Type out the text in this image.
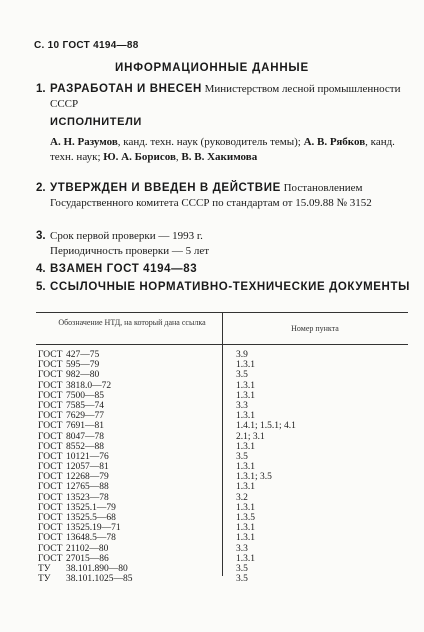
С. 10 ГОСТ 4194—88
ИНФОРМАЦИОННЫЕ ДАННЫЕ
1. РАЗРАБОТАН И ВНЕСЕН Министерством лесной промышленности СССР
ИСПОЛНИТЕЛИ
А. Н. Разумов, канд. техн. наук (руководитель темы); А. В. Рябков, канд. техн. наук; Ю. А. Борисов, В. В. Хакимова
2. УТВЕРЖДЕН И ВВЕДЕН В ДЕЙСТВИЕ Постановлением Государственного комитета СССР по стандартам от 15.09.88 № 3152
3. Срок первой проверки — 1993 г.
Периодичность проверки — 5 лет
4. ВЗАМЕН ГОСТ 4194—83
5. ССЫЛОЧНЫЕ НОРМАТИВНО-ТЕХНИЧЕСКИЕ ДОКУМЕНТЫ
Обозначение НТД, на который дана ссылка
Номер пункта
ГОСТ 427—75	3.9
ГОСТ 595—79	1.3.1
ГОСТ 982—80	3.5
ГОСТ 3818.0—72	1.3.1
ГОСТ 7500—85	1.3.1
ГОСТ 7585—74	3.3
ГОСТ 7629—77	1.3.1
ГОСТ 7691—81	1.4.1; 1.5.1; 4.1
ГОСТ 8047—78	2.1; 3.1
ГОСТ 8552—88	1.3.1
ГОСТ 10121—76	3.5
ГОСТ 12057—81	1.3.1
ГОСТ 12268—79	1.3.1; 3.5
ГОСТ 12765—88	1.3.1
ГОСТ 13523—78	3.2
ГОСТ 13525.1—79	1.3.1
ГОСТ 13525.5—68	1.3.5
ГОСТ 13525.19—71	1.3.1
ГОСТ 13648.5—78	1.3.1
ГОСТ 21102—80	3.3
ГОСТ 27015—86	1.3.1
ТУ 38.101.890—80	3.5
ТУ 38.101.1025—85	3.5
